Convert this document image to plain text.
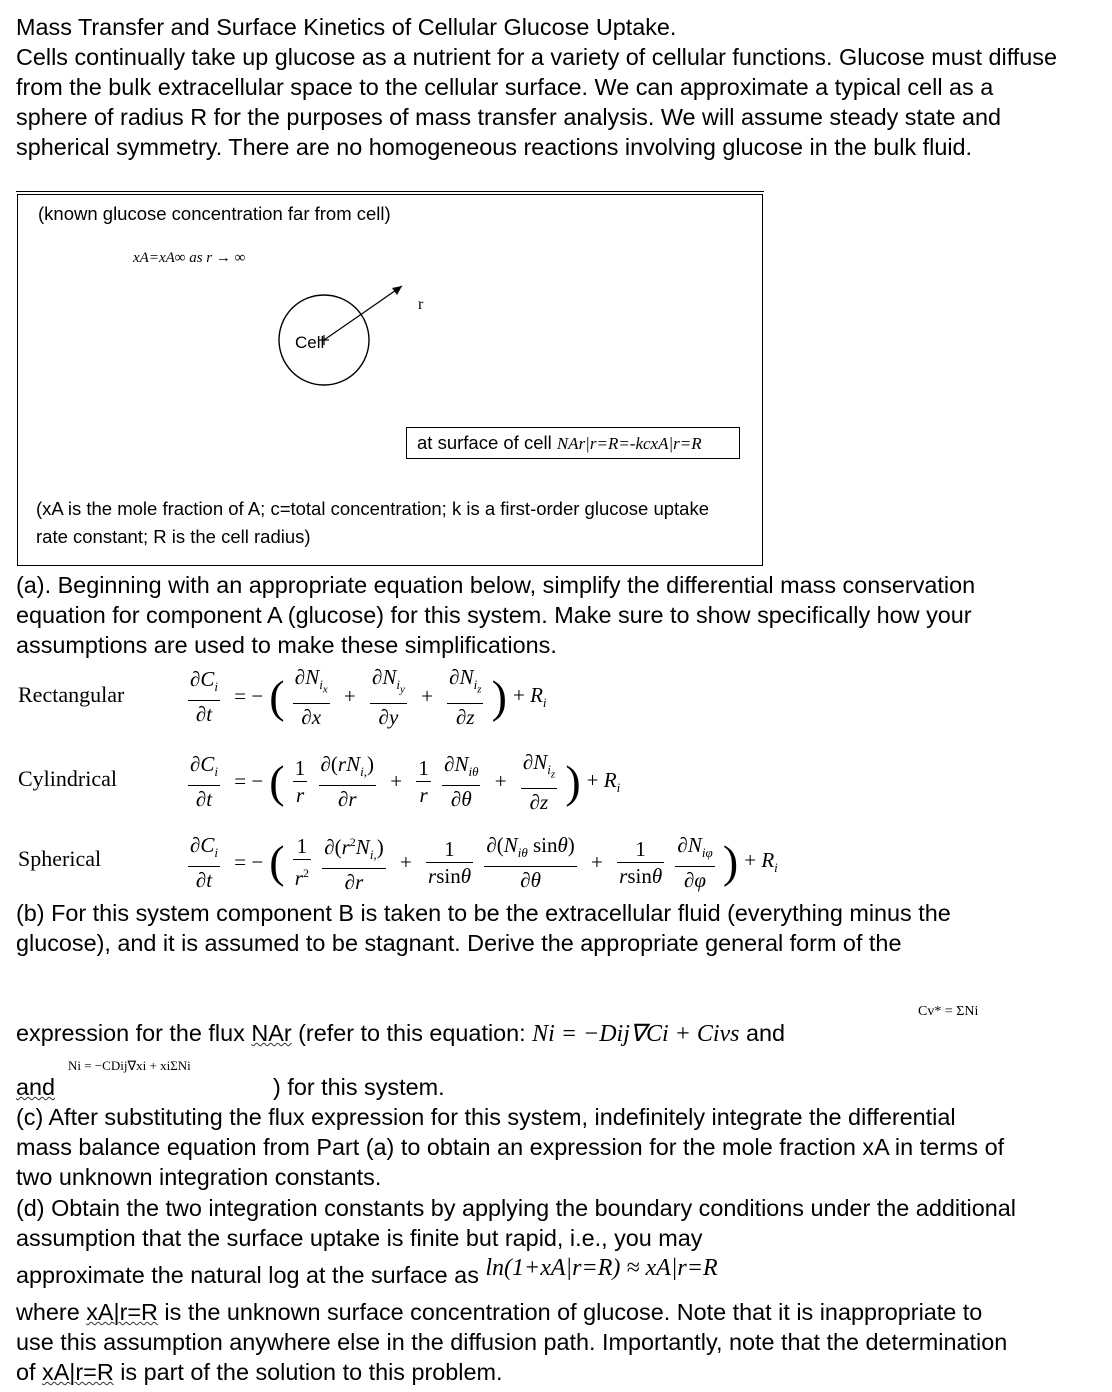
Mass Transfer and Surface Kinetics of Cellular Glucose Uptake.
Cells continually take up glucose as a nutrient for a variety of cellular functions. Glucose must diffuse from the bulk extracellular space to the cellular surface. We can approximate a typical cell as a sphere of radius R for the purposes of mass transfer analysis. We will assume steady state and spherical symmetry. There are no homogeneous reactions involving glucose in the bulk fluid.
(known glucose concentration far from cell)
xA=xA∞ as r → ∞
r
Cell
at surface of cell NAr|r=R=-kcxA|r=R
(xA is the mole fraction of A; c=total concentration; k is a first-order glucose uptake rate constant; R is the cell radius)
(a). Beginning with an appropriate equation below, simplify the differential mass conservation equation for component A (glucose) for this system. Make sure to show specifically how your assumptions are used to make these simplifications.
Rectangular	$\frac{\partial C_i}{\partial t}$ = − ( $\frac{\partial N_{i_x}}{\partial x} + \frac{\partial N_{i_y}}{\partial y} + \frac{\partial N_{i_z}}{\partial z}$ ) + $R_i$
Cylindrical	$\frac{\partial C_i}{\partial t}$ = − ( $\frac{1}{r}$
$\frac{\partial(rN_{i,})}{\partial r} + \frac{1}{r}$
$\frac{\partial N_{i\theta}}{\partial\theta} + \frac{\partial N_{i_z}}{\partial z}$ ) + $R_i$
Spherical	$\frac{\partial C_i}{\partial t}$ = − ( $\frac{1}{r^2}$
$\frac{\partial(r^2N_{i,})}{\partial r} + \frac{1}{rsin\theta}$
$\frac{\partial(N_{i\theta} \sin\theta)}{\partial\theta} + \frac{1}{rsin\theta}$
$\frac{\partial N_{i\varphi}}{\partial\varphi}$ ) + $R_i$
(b) For this system component B is taken to be the extracellular fluid (everything minus the glucose), and it is assumed to be stagnant. Derive the appropriate general form of the
expression for the flux NAr (refer to this equation: Ni = −Dij∇Ci + Civs and
Cv* = ΣNi
Ni = −CDij∇xi + xiΣNi
and	) for this system.
(c) After substituting the flux expression for this system, indefinitely integrate the differential mass balance equation from Part (a) to obtain an expression for the mole fraction xA in terms of two unknown integration constants.
(d) Obtain the two integration constants by applying the boundary conditions under the additional assumption that the surface uptake is finite but rapid, i.e., you may
approximate the natural log at the surface as ln(1+xA|r=R) ≈ xA|r=R
where xA|r=R is the unknown surface concentration of glucose. Note that it is inappropriate to use this assumption anywhere else in the diffusion path. Importantly, note that the determination of xA|r=R is part of the solution to this problem.
